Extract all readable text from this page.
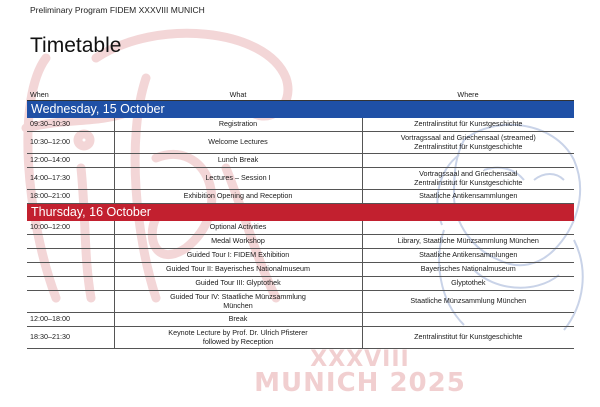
XXXVIII
MUNICH 2025
Preliminary Program FIDEM XXXVIII MUNICH
Timetable
When	What	Where
Wednesday, 15 October		
09:30–10:30	Registration	Zentralinstitut für Kunstgeschichte
10:30–12:00	Welcome Lectures	Vortragssaal and Griechensaal (streamed)
Zentralinstitut für Kunstgeschichte
12:00–14:00	Lunch Break	
14:00–17:30	Lectures – Session I	Vortragssaal and Griechensaal
Zentralinstitut für Kunstgeschichte
18:00–21:00	Exhibition Opening and Reception	Staatliche Antikensammlungen
Thursday, 16 October		
10:00–12:00	Optional Activities	
	Medal Workshop	Library, Staatliche Münzsammlung München
	Guided Tour I: FIDEM Exhibition	Staatliche Antikensammlungen
	Guided Tour II: Bayerisches Nationalmuseum	Bayerisches Nationalmuseum
	Guided Tour III: Glyptothek	Glyptothek
	Guided Tour IV: Staatliche Münzsammlung
München	Staatliche Münzsammlung München
12:00–18:00	Break	
18:30–21:30	Keynote Lecture by Prof. Dr. Ulrich Pfisterer
followed by Reception	Zentralinstitut für Kunstgeschichte
